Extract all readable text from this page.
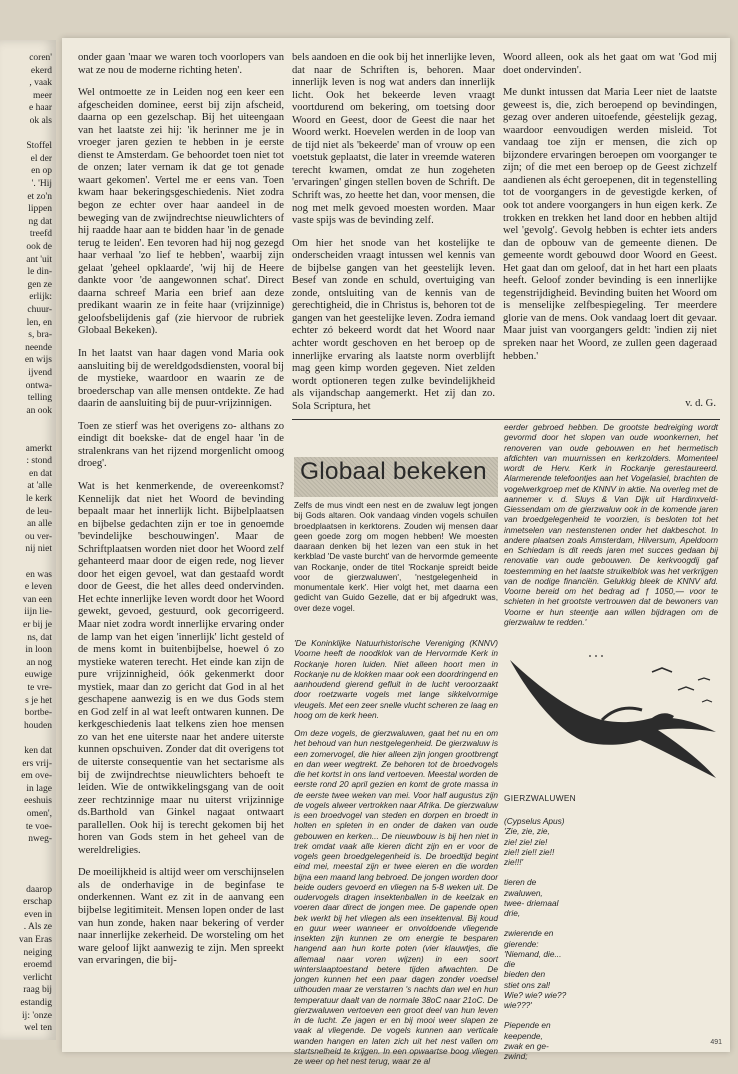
coren'
ekerd
, vaak
meer
e haar
ok als
Stoffel
el der
en op
'. 'Hij
et zo'n
lippen
ng dat
treefd
ook de
ant 'uit
le din-
gen ze
erlijk:
chuur-
len, en
s, bra-
neende
en wijs
ijvend
ontwa-
telling
an ook
amerkt
: stond
en dat
at 'alle
le kerk
de leu-
an alle
ou ver-
nij niet
en was
e leven
van een
iijn lie-
er bij je
ns, dat
in loon
an nog
euwige
te vre-
s je het
bortbe-
houden
ken dat
ers vrij-
em ove-
in lage
eeshuis
omen',
te voe-
nweg-
daarop
erschap
even in
. Als ze
van Eras
neiging
eroemd
verlicht
raag bij
estandig
ij: 'onze
wel ten

onder gaan 'maar we waren toch voorlopers van wat ze nou de moderne richting heten'.

Wel ontmoette ze in Leiden nog een keer een afgescheiden dominee, eerst bij zijn afscheid, daarna op een gezelschap. Bij het uiteengaan van het laatste zei hij: 'ik herinner me je in vroeger jaren gezien te hebben in je eerste dienst te Amsterdam. Ge behoordet toen niet tot de onzen; later vernam ik dat ge tot genade waart gekomen'. Vertel me er eens van. Toen kwam haar bekeringsgeschiedenis. Niet zodra begon ze echter over haar aandeel in de beweging van de zwijndrechtse nieuwlichters of hij raadde haar aan te bidden haar 'in de genade terug te leiden'. Een tevoren had hij nog gezegd haar verhaal 'zo lief te hebben', waarbij zijn gelaat 'geheel opklaarde', 'wij hij de Heere dankte voor 'de aangewonnen schat'. Direct daarna schreef Maria een brief aan deze predikant waarin ze in feite haar (vrijzinnige) geloofsbelijdenis gaf (zie hiervoor de rubriek Globaal Bekeken).

In het laatst van haar dagen vond Maria ook aansluiting bij de wereldgodsdiensten, vooral bij de mystieke, waardoor en waarin ze de broederschap van alle mensen ontdekte. Ze had daarin de aansluiting bij de puur-vrijzinnigen.

Toen ze stierf was het overigens zo- althans zo eindigt dit boekske- dat de engel haar 'in de stralenkrans van het rijzend morgenlicht omoog droeg'.

Wat is het kenmerkende, de overeenkomst? Kennelijk dat niet het Woord de bevinding bepaalt maar het innerlijk licht. Bijbelplaatsen en bijbelse gedachten zijn er toe in genoemde 'bevindelijke beschouwingen'. Maar de Schriftplaatsen worden niet door het Woord zelf gehanteerd maar door de eigen rede, nog liever door het eigen gevoel, wat dan gestaafd wordt door de Geest, die het alles deed ondervinden. Het echte innerlijke leven wordt door het Woord gewekt, gevoed, gestuurd, ook gecorrigeerd. Maar niet zodra wordt innerlijke ervaring onder de lamp van het eigen 'innerlijk' licht gesteld of de mens komt in buitenbijbelse, hoewel ó zo mystieke wateren terecht. Het einde kan zijn de pure vrijzinnigheid, óók gekenmerkt door mystiek, maar dan zo gericht dat God in al het geschapene aanwezig is en we dus Gods stem en God zelf in al wat leeft ontwaren kunnen. De kerkgeschiedenis laat telkens zien hoe mensen zo van het ene uiterste naar het andere uiterste kunnen opschuiven. Zonder dat dit overigens tot de uiterste consequentie van het sectarisme als bij de zwijndrechtse nieuwlichters behoeft te leiden. Wie de ontwikkelingsgang van de ooit zeer rechtzinnige maar nu uiterst vrijzinnige ds.Barthold van Ginkel nagaat ontwaart parallellen. Ook hij is terecht gekomen bij het horen van Gods stem in het geheel van de wereldreligies.

De moeilijkheid is altijd weer om verschijnselen als de onderhavige in de beginfase te onderkennen. Want ez zit in de aanvang een bijbelse legitimiteit. Mensen lopen onder de last van hun zonde, haken naar bekering of verder naar innerlijke zekerheid. De worsteling om het ware geloof lijkt aanwezig te zijn. Men spreekt van ervaringen, die bij-

bels aandoen en die ook bij het innerlijke leven, dat naar de Schriften is, behoren. Maar innerlijk leven is nog wat anders dan innerlijk licht. Ook het bekeerde leven vraagt voortdurend om bekering, om toetsing door Woord en Geest, door de Geest die naar het Woord werkt. Hoevelen werden in de loop van de tijd niet als 'bekeerde' man of vrouw op een voetstuk geplaatst, die later in vreemde wateren terecht kwamen, omdat ze hun zogeheten 'ervaringen' gingen stellen boven de Schrift. De Schrift was, zo heette het dan, voor mensen, die nog met melk gevoed moesten worden. Maar vaste spijs was de bevinding zelf.

Om hier het snode van het kostelijke te onderscheiden vraagt intussen wel kennis van de bijbelse gangen van het geestelijk leven. Besef van zonde en schuld, overtuiging van zonde, ontsluiting van de kennis van de gerechtigheid, die in Christus is, behoren tot de gangen van het geestelijke leven. Zodra iemand echter zó bekeerd wordt dat het Woord naar achter wordt geschoven en het beroep op de innerlijke ervaring als laatste norm overblijft mag geen kimp worden gegeven. Niet zelden wordt optioneren tegen zulke bevindelijkheid als vijandschap aangemerkt. Het zij dan zo. Sola Scriptura, het

Woord alleen, ook als het gaat om wat 'God mij doet ondervinden'.

Me dunkt intussen dat Maria Leer niet de laatste geweest is, die, zich beroepend op bevindingen, gezag over anderen uitoefende, géestelijk gezag, waardoor eenvoudigen werden misleid. Tot vandaag toe zijn er mensen, die zich op bijzondere ervaringen beroepen om voorganger te zijn; of die met een beroep op de Geest zichzelf aandienen als écht geroepenen, dit in tegenstelling tot de voorgangers in de gevestigde kerken, of ook tot andere voorgangers in hun eigen kerk. Ze trokken en trekken het land door en hebben altijd wel 'gevolg'. Gevolg hebben is echter iets anders dan de opbouw van de gemeente dienen. De gemeente wordt gebouwd door Woord en Geest. Het gaat dan om geloof, dat in het hart een plaats heeft. Geloof zonder bevinding is een innerlijke tegenstrijdigheid. Bevinding buiten het Woord om is menselijke zelfbespiegeling. Ter meerdere glorie van de mens. Ook vandaag loert dit gevaar. Maar juist van voorgangers geldt: 'indien zij niet spreken naar het Woord, ze zullen geen dageraad hebben.'

v. d. G.
Globaal bekeken

Zelfs de mus vindt een nest en de zwaluw legt jongen bij Gods altaren. Ook vandaag vinden vogels schuilen broedplaatsen in kerktorens. Zouden wij mensen daar geen goede zorg om mogen hebben! We moesten daaraan denken bij het lezen van een stuk in het kerkblad 'De vaste burcht' van de hervormde gemeente van Rockanje, onder de titel 'Rockanje spreidt beide voor de gierzwaluwen', 'nestgelegenheid in monumentale kerk'. Hier volgt het, met daarna een gedicht van Guido Gezelle, dat er bij afgedrukt was, over deze vogel.

'De Koninklijke Natuurhistorische Vereniging (KNNV) Voorne heeft de noodklok van de Hervormde Kerk in Rockanje horen luiden. Niet alleen hoort men in Rockanje nu de klokken maar ook een doordringend en aanhoudend gierend gefluit in de lucht veroorzaakt door roetzwarte vogels met lange sikkelvormige vleugels. Met een zeer snelle vlucht scheren ze laag en hoog om de kerk heen.

Om deze vogels, de gierzwaluwen, gaat het nu en om het behoud van hun nestgelegenheid. De gierzwaluw is een zomervogel, die hier alleen zijn jongen grootbrengt en dan weer wegtrekt. Ze behoren tot de broedvogels die het kortst in ons land vertoeven. Meestal worden de eerste rond 20 april gezien en komt de grote massa in de eerste twee weken van mei. Voor half augustus zijn de vogels alweer vertrokken naar Afrika. De gierzwaluw is een broedvogel van steden en dorpen en broedt in holten en spleten in en onder de daken van oude gebouwen en kerken... De nieuwbouw is bij hen niet in trek omdat vaak alle kieren dicht zijn en er voor de vogels geen broedgelegenheid is. De broedtijd begint eind mei, meestal zijn er twee eieren en die worden bijna een maand lang bebroed. De jongen worden door beide ouders gevoerd en vliegen na 5-8 weken uit. De oudervogels dragen insektenballen in de keelzak en voeren daar direct de jongen mee. De gapende open bek werkt bij het vliegen als een insektenval. Bij koud en guur weer wanneer er onvoldoende vliegende insekten zijn kunnen ze om energie te besparen hangend aan hun korte poten (vier klauwtjes, die allemaal naar voren wijzen) in een soort winterslaaptoestand betere tijden afwachten. De jongen kunnen het een paar dagen zonder voedsel uithouden maar ze verstarren 's nachts dan wel en hun temperatuur daalt van de normale 38oC naar 21oC. De gierzwaluwen vertoeven een groot deel van hun leven in de lucht. Ze jagen er en bij mooi weer slapen ze vaak al vliegende. De vogels kunnen aan verticale wanden hangen en laten zich uit het nest vallen om startsnelheid te krijgen. In een opwaartse boog vliegen ze weer op het nest terug, waar ze al

eerder gebroed hebben. De grootste bedreiging wordt gevormd door het slopen van oude woonkernen, het renoveren van oude gebouwen en het hermetisch afdichten van muurnissen en kerkzolders. Momenteel wordt de Herv. Kerk in Rockanje gerestaureerd. Alarmerende telefoontjes aan het Vogelasiel, brachten de vogelwerkgroep met de KNNV in aktie. Na overleg met de aannemer v. d. Sluys & Van Dijk uit Hardinxveld-Giessendam om de gierzwaluw ook in de komende jaren van broedgelegenheid te voorzien, is besloten tot het inmetselen van nestenstenen onder het dakbeschot. In andere plaatsen zoals Amsterdam, Hilversum, Apeldoorn en Schiedam is dit reeds jaren met succes gedaan bij renovatie van oude gebouwen. De kerkvoogdij gaf toestemming en het laatste struikelblok was het verkrijgen van de nodige financiën. Gelukkig bleek de KNNV afd. Voorne bereid om het bedrag ad ƒ 1050,— voor te schieten in het grootste vertrouwen dat de bewoners van Voorne er hun steentje aan willen bijdragen om de gierzwaluw te redden.'
GIERZWALUWEN
(Cypselus Apus)
'Zie, zie, zie,
zie! zie! zie!
zie!! zie!! zie!!
zie!!!'
tieren de
zwaluwen,
twee- driemaal
drie,
zwierende en
gierende:
'Niemand, die...
die
bieden den
stiet ons zal!
Wie? wie? wie??
wie???'
Piepende en
keepende,
zwak en ge-
zwind;
491
